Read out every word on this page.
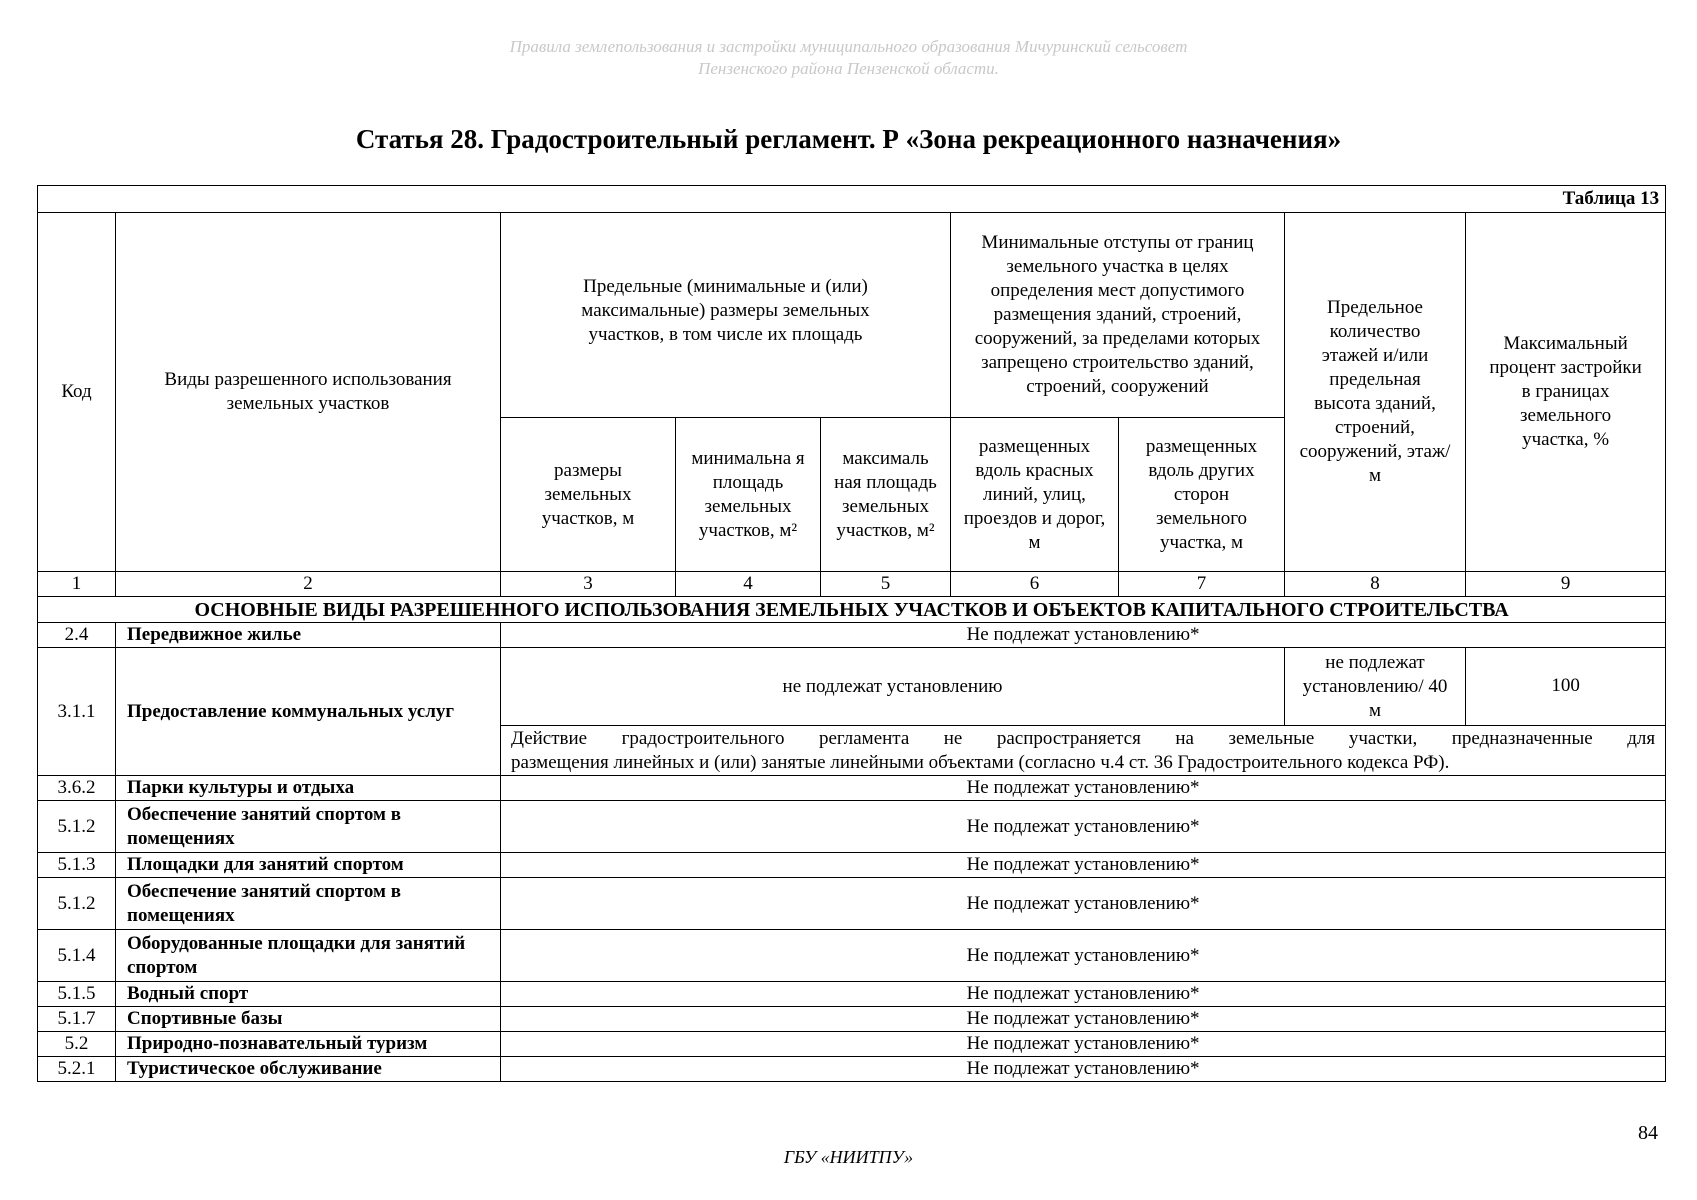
Правила землепользования и застройки муниципального образования Мичуринский сельсовет
Пензенского района Пензенской области.
Статья 28. Градостроительный регламент. Р «Зона рекреационного назначения»
Таблица 13								
Код	Виды разрешенного использования земельных участков	Предельные (минимальные и (или) максимальные) размеры земельных участков, в том числе их площадь			Минимальные отступы от границ земельного участка в целях определения мест допустимого размещения зданий, строений, сооружений, за пределами которых запрещено строительство зданий, строений, сооружений		Предельное количество этажей и/или предельная высота зданий, строений, сооружений, этаж/м	Максимальный процент застройки в границах земельного участка, %
		размеры земельных участков, м	минимальна я площадь земельных участков, м²	максималь ная площадь земельных участков, м²	размещенных вдоль красных линий, улиц, проездов и дорог, м	размещенных вдоль других сторон земельного участка, м		
1	2	3	4	5	6	7	8	9
ОСНОВНЫЕ ВИДЫ РАЗРЕШЕННОГО ИСПОЛЬЗОВАНИЯ ЗЕМЕЛЬНЫХ УЧАСТКОВ И ОБЪЕКТОВ КАПИТАЛЬНОГО СТРОИТЕЛЬСТВА								
2.4	Передвижное жилье	Не подлежат установлению*						
3.1.1	Предоставление коммунальных услуг	не подлежат установлению					не подлежат установлению/ 40 м	100

		Действие градостроительного регламента не распространяется на земельные участки, предназначенные для
размещения линейных и (или) занятые линейными объектами (согласно ч.4 ст. 36 Градостроительного кодекса РФ).						

3.6.2	Парки культуры и отдыха	Не подлежат установлению*						
5.1.2	Обеспечение занятий спортом в помещениях	Не подлежат установлению*						
5.1.3	Площадки для занятий спортом	Не подлежат установлению*						
5.1.2	Обеспечение занятий спортом в помещениях	Не подлежат установлению*						
5.1.4	Оборудованные площадки для занятий спортом	Не подлежат установлению*						
5.1.5	Водный спорт	Не подлежат установлению*						
5.1.7	Спортивные базы	Не подлежат установлению*						
5.2	Природно-познавательный туризм	Не подлежат установлению*						
5.2.1	Туристическое обслуживание	Не подлежат установлению*						
84
ГБУ «НИИТПУ»
